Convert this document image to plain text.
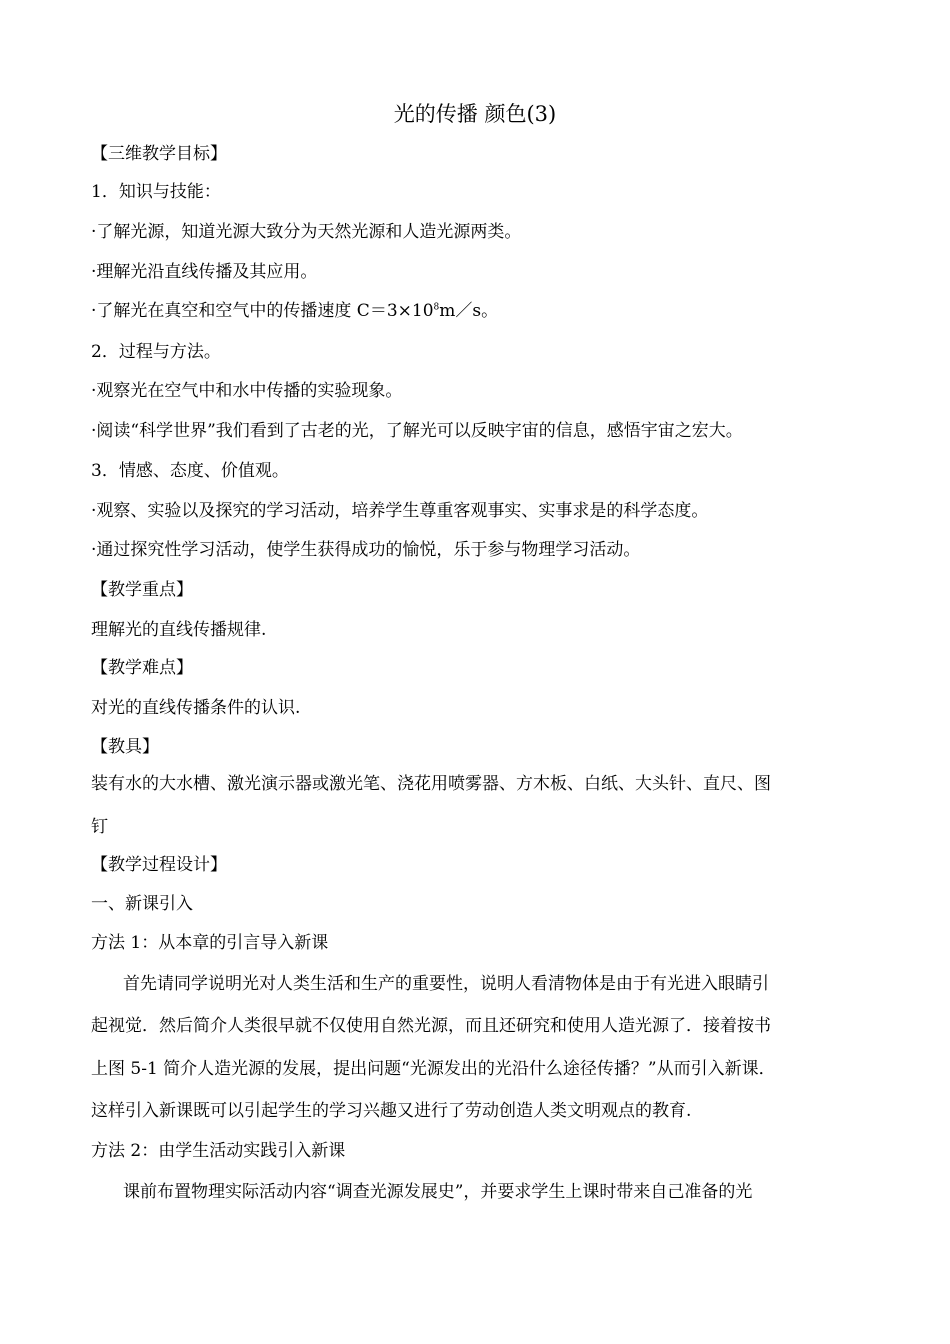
光的传播 颜色(3)
【三维教学目标】
1．知识与技能：
·了解光源，知道光源大致分为天然光源和人造光源两类。
·理解光沿直线传播及其应用。
·了解光在真空和空气中的传播速度 $C=3\times 10^8m/s$。
2．过程与方法。
·观察光在空气中和水中传播的实验现象。
·阅读“科学世界”我们看到了古老的光，了解光可以反映宇宙的信息，感悟宇宙之宏大。
3．情感、态度、价值观。
·观察、实验以及探究的学习活动，培养学生尊重客观事实、实事求是的科学态度。
·通过探究性学习活动，使学生获得成功的愉悦，乐于参与物理学习活动。
【教学重点】
理解光的直线传播规律.
【教学难点】
对光的直线传播条件的认识.
【教具】
装有水的大水槽、激光演示器或激光笔、浇花用喷雾器、方木板、白纸、大头针、直尺、图
钉
【教学过程设计】
一、新课引入
方法 1：从本章的引言导入新课
首先请同学说明光对人类生活和生产的重要性，说明人看清物体是由于有光进入眼睛引
起视觉．然后简介人类很早就不仅使用自然光源，而且还研究和使用人造光源了．接着按书
上图 5-1 简介人造光源的发展，提出问题“光源发出的光沿什么途径传播？”从而引入新课．
这样引入新课既可以引起学生的学习兴趣又进行了劳动创造人类文明观点的教育.
方法 2：由学生活动实践引入新课
课前布置物理实际活动内容“调查光源发展史”，并要求学生上课时带来自己准备的光
